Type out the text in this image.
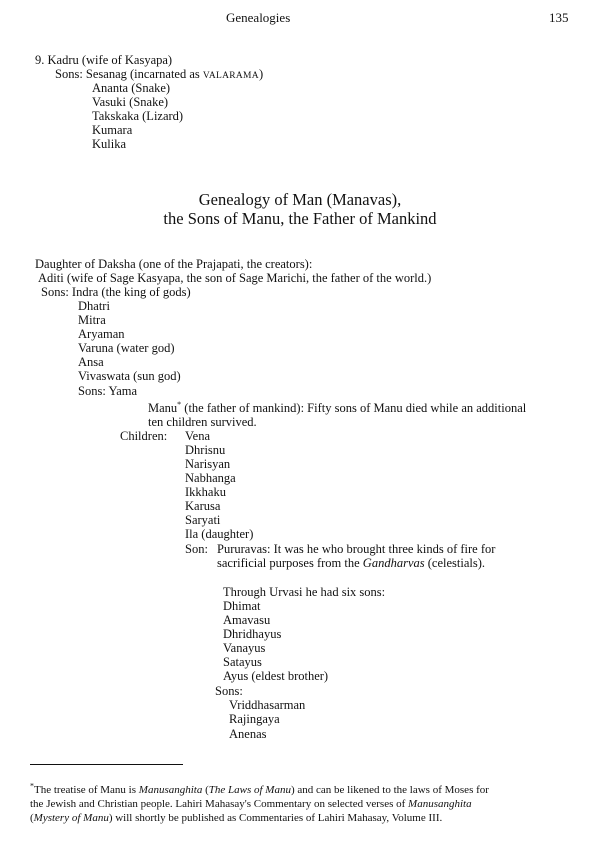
Genealogies	135
9. Kadru (wife of Kasyapa)
Sons: Sesanag (incarnated as VALARAMA)
Ananta (Snake)
Vasuki (Snake)
Takskaka (Lizard)
Kumara
Kulika
Genealogy of Man (Manavas),
the Sons of Manu, the Father of Mankind
Daughter of Daksha (one of the Prajapati, the creators):
Aditi (wife of Sage Kasyapa, the son of Sage Marichi, the father of the world.)
Sons: Indra (the king of gods)
Dhatri
Mitra
Aryaman
Varuna (water god)
Ansa
Vivaswata (sun god)
Sons: Yama
Manu* (the father of mankind): Fifty sons of Manu died while an additional
ten children survived.
Children: Vena
Dhrisnu
Narisyan
Nabhanga
Ikkhaku
Karusa
Saryati
Ila (daughter)
Son: Pururavas: It was he who brought three kinds of fire for
sacrificial purposes from the Gandharvas (celestials).
Through Urvasi he had six sons:
Dhimat
Amavasu
Dhridhayus
Vanayus
Satayus
Ayus (eldest brother)
Sons:
Vriddhasarman
Rajingaya
Anenas
*The treatise of Manu is Manusanghita (The Laws of Manu) and can be likened to the laws of Moses for
the Jewish and Christian people. Lahiri Mahasay's Commentary on selected verses of Manusanghita
(Mystery of Manu) will shortly be published as Commentaries of Lahiri Mahasay, Volume III.
